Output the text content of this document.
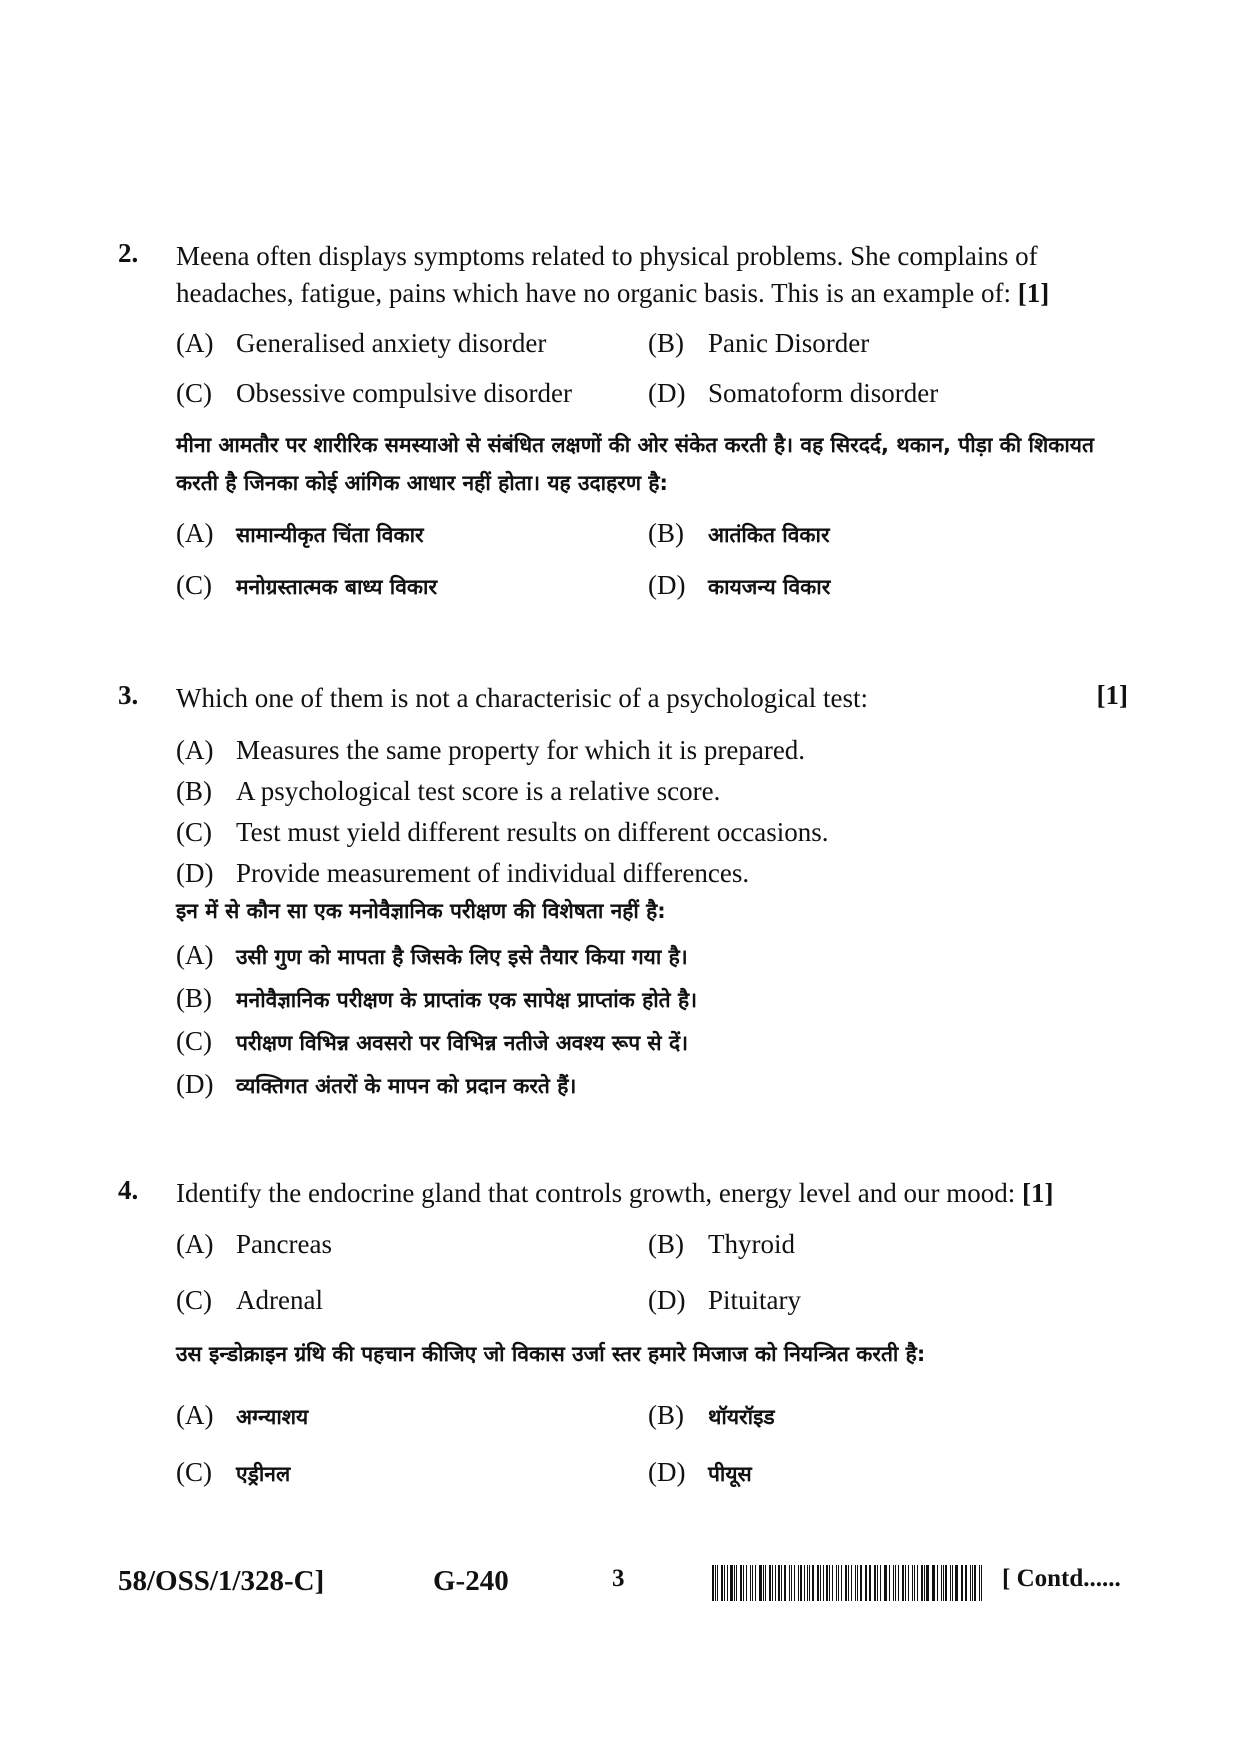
2. Meena often displays symptoms related to physical problems. She complains of headaches, fatigue, pains which have no organic basis. This is an example of: [1]
(A) Generalised anxiety disorder	(B) Panic Disorder
(C) Obsessive compulsive disorder	(D) Somatoform disorder
मीना आमतौर पर शारीरिक समस्याओ से संबंधित लक्षणों की ओर संकेत करती है। वह सिरदर्द, थकान, पीड़ा की शिकायत करती है जिनका कोई आंगिक आधार नहीं होता। यह उदाहरण है:
(A) सामान्यीकृत चिंता विकार	(B) आतंकित विकार
(C) मनोग्रस्तात्मक बाध्य विकार	(D) कायजन्य विकार
3. Which one of them is not a characterisic of a psychological test:	[1]
(A) Measures the same property for which it is prepared.
(B) A psychological test score is a relative score.
(C) Test must yield different results on different occasions.
(D) Provide measurement of individual differences.
इन में से कौन सा एक मनोवैज्ञानिक परीक्षण की विशेषता नहीं है:
(A) उसी गुण को मापता है जिसके लिए इसे तैयार किया गया है।
(B) मनोवैज्ञानिक परीक्षण के प्राप्तांक एक सापेक्ष प्राप्तांक होते है।
(C) परीक्षण विभिन्न अवसरो पर विभिन्न नतीजे अवश्य रूप से दें।
(D) व्यक्तिगत अंतरों के मापन को प्रदान करते हैं।
4. Identify the endocrine gland that controls growth, energy level and our mood: [1]
(A) Pancreas	(B) Thyroid
(C) Adrenal	(D) Pituitary
उस इन्डोक्राइन ग्रंथि की पहचान कीजिए जो विकास उर्जा स्तर हमारे मिजाज को नियन्त्रित करती है:
(A) अग्न्याशय	(B) थॉयरॉइड
(C) एड्रीनल	(D) पीयूस
58/OSS/1/328-C]	G-240	3	[ Contd......
